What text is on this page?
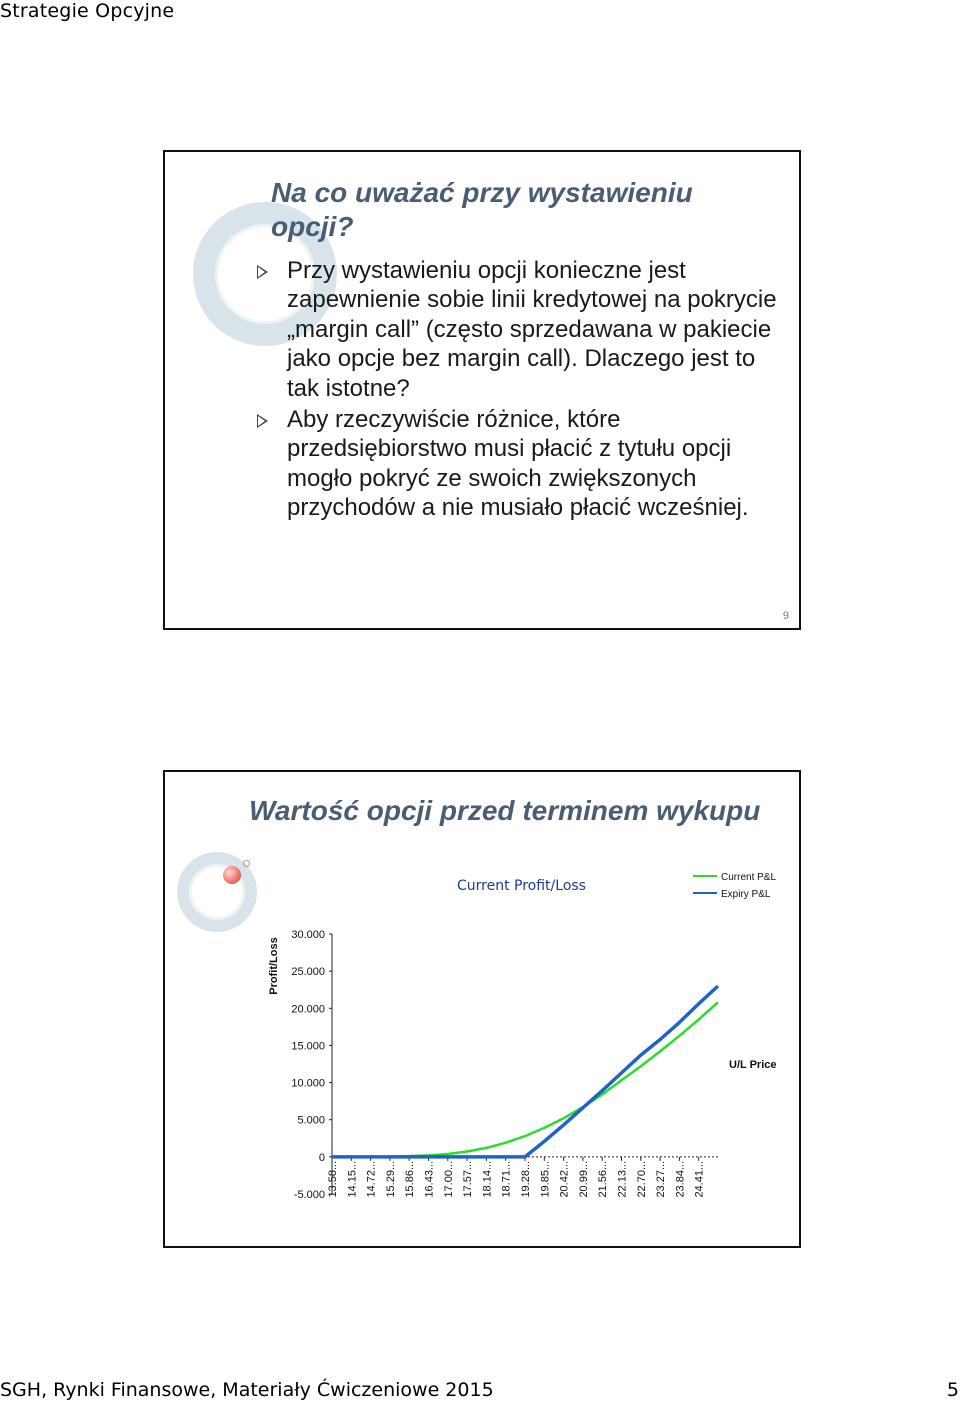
Strategie Opcyjne
Na co uważać przy wystawieniu opcji?
Przy wystawieniu opcji konieczne jest zapewnienie sobie linii kredytowej na pokrycie „margin call” (często sprzedawana w pakiecie jako opcje bez margin call). Dlaczego jest to tak istotne?
Aby rzeczywiście różnice, które przedsiębiorstwo musi płacić z tytułu opcji mogło pokryć ze swoich zwiększonych przychodów a nie musiało płacić wcześniej.
9
Wartość opcji przed terminem wykupu
Current Profit/Loss
Current P&L
Expiry P&L
Profit/Loss
30.000
25.000
20.000
15.000
10.000
5.000
0
-5.000 13.58... 14.15... 14.72... 15.29... 15.86... 16.43... 17.00... 17.57... 18.14... 18.71... 19.28... 19.85... 20.42... 20.99... 21.56... 22.13... 22.70... 23.27... 23.84... 24.41...
U/L Price
SGH, Rynki Finansowe, Materiały Ćwiczeniowe 2015	5
